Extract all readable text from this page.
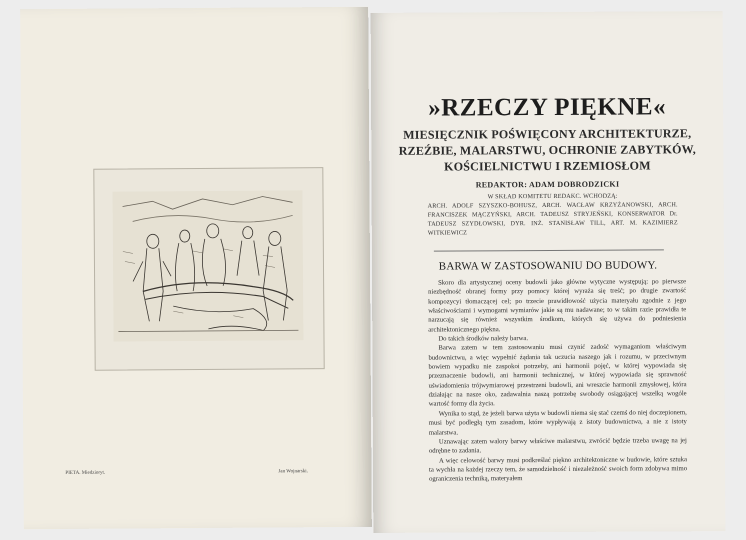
PIETA. Miedzioryt.	Jan Wojnarski.
»RZECZY PIĘKNE«
MIESIĘCZNIK POŚWIĘCONY ARCHITEKTURZE,
RZEŹBIE, MALARSTWU, OCHRONIE ZABYTKÓW,
KOŚCIELNICTWU I RZEMIOSŁOM
REDAKTOR: ADAM DOBRODZICKI
W SKŁAD KOMITETU REDAKC. WCHODZĄ:
ARCH. ADOLF SZYSZKO-BOHUSZ, ARCH. WACŁAW KRZYŻANOWSKI, ARCH. FRANCISZEK MĄCZYŃSKI, ARCH. TADEUSZ STRYJEŃSKI, KONSERWATOR Dr. TADEUSZ SZYDŁOWSKI, DYR. INŻ. STANISŁAW TILL, ART. M. KAZIMIERZ WITKIEWICZ
BARWA W ZASTOSOWANIU DO BUDOWY.

Skoro dla artystycznej oceny budowli jako główne wytyczne występują: po pierwsze niezbędność obranej formy przy pomocy której wyraża się treść; po drugie zwartość kompozycyi tłomaczącej cel; po trzecie prawidłowość użycia materyału zgodnie z jego właściwościami i wymogami wymiarów jakie są mu nadawane; to w takim razie prawidła te narzucają się również wszystkim środkom, których się używa do podniesienia architektonicznego piękna.

Do takich środków należy barwa.

Barwa zatem w tem zastosowaniu musi czynić zadość wymaganiom właściwym budownictwu, a więc wypełnić żądania tak uczucia naszego jak i rozumu, w przeciwnym bowiem wypadku nie zaspokoi potrzeby, ani harmonii pojęć, w której wypowiada się przeznaczenie budowli, ani harmonii technicznej, w której wypowiada się sprawność uświadomienia trójwymiarowej przestrzeni budowli, ani wreszcie harmonii zmysłowej, która działając na nasze oko, zadawalnia naszą potrzebę swobody osiągającej wszelką wogóle wartość formy dla życia.

Wynika to stąd, że jeżeli barwa użyta w budowli niema się stać czemś do niej doczepionem, musi być podległą tym zasadom, które wypływają z istoty budownictwa, a nie z istoty malarstwa.

Uznawając zatem walory barwy właściwe malarstwu, zwrócić będzie trzeba uwagę na jej odrębne to zadania.

A więc celowość barwy musi podkreślać piękno architektoniczne w budowie, które sztuka ta wychła na każdej rzeczy tem, że samodzielność i niezależność swoich form zdobywa mimo ograniczenia techniką, materyałem
